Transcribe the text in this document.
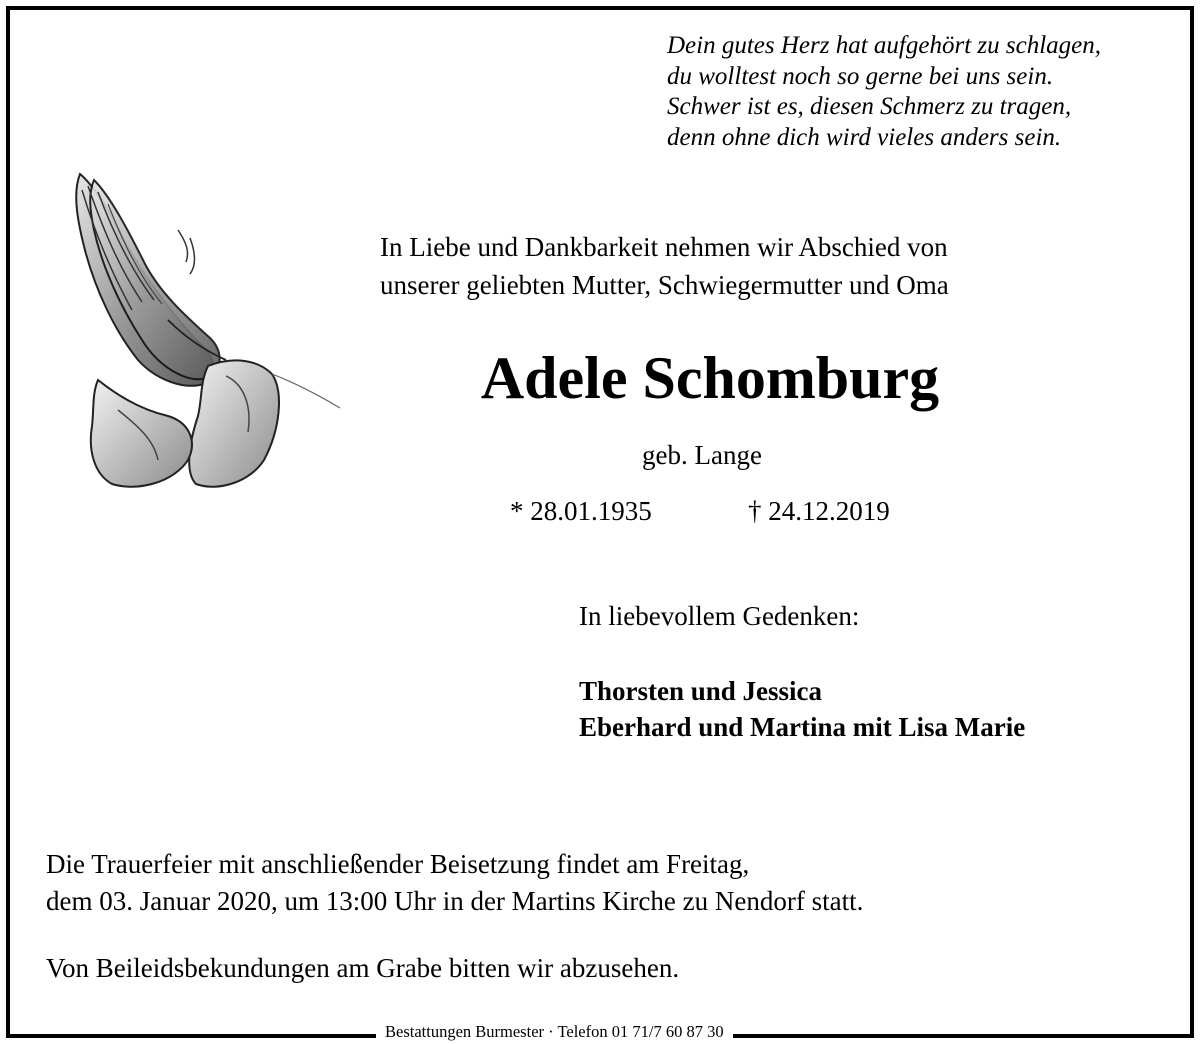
Dein gutes Herz hat aufgehört zu schlagen,
du wolltest noch so gerne bei uns sein.
Schwer ist es, diesen Schmerz zu tragen,
denn ohne dich wird vieles anders sein.
In Liebe und Dankbarkeit nehmen wir Abschied von
unserer geliebten Mutter, Schwiegermutter und Oma
Adele Schomburg
geb. Lange
* 28.01.1935	† 24.12.2019
In liebevollem Gedenken:
Thorsten und Jessica
Eberhard und Martina mit Lisa Marie
Die Trauerfeier mit anschließender Beisetzung findet am Freitag,
dem 03. Januar 2020, um 13:00 Uhr in der Martins Kirche zu Nendorf statt.
Von Beileidsbekundungen am Grabe bitten wir abzusehen.
Bestattungen Burmester · Telefon 01 71/7 60 87 30
